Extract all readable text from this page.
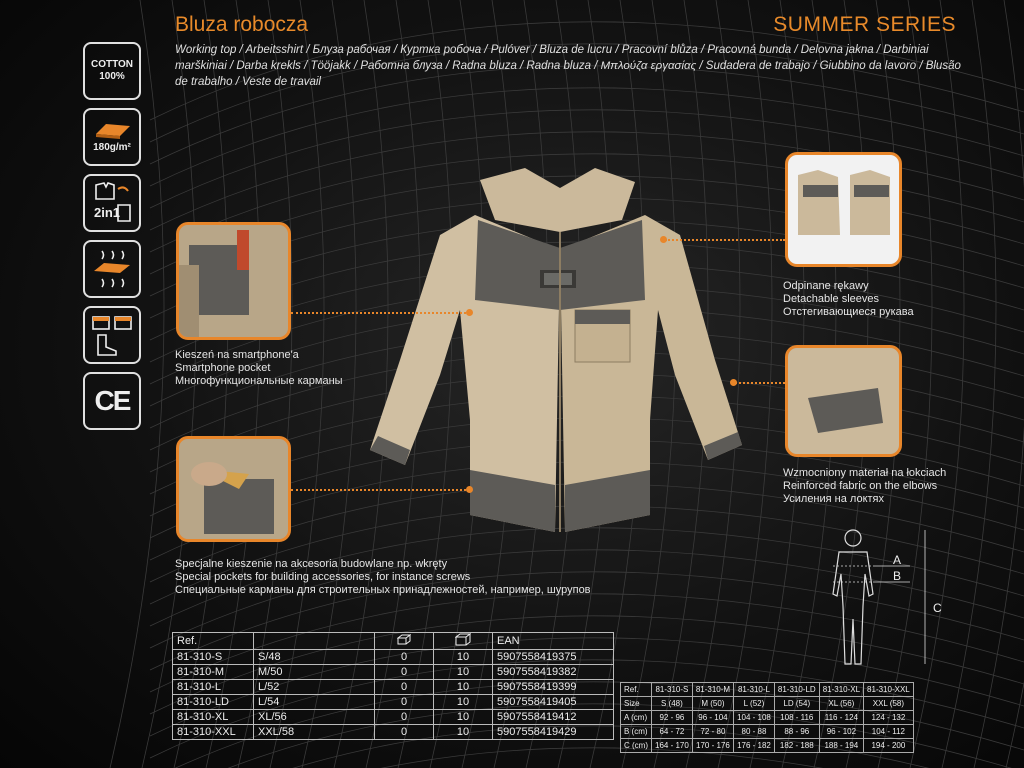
Bluza robocza	SUMMER SERIES
Working top / Arbeitsshirt / Блуза рабочая / Куртка робоча / Pulóver / Bluza de lucru / Pracovní blůza / Pracovná bunda / Delovna jakna / Darbiniai marškiniai / Darba krekls / Tööjakk / Работна блуза / Radna bluza / Radna bluza / Μπλούζα εργασίας / Sudadera de trabajo / Giubbino da lavoro / Blusão de trabalho / Veste de travail
COTTON
100%
180g/m²
2in1
CE
Kieszeń na smartphone'a
Smartphone pocket
Многофункциональные карманы
Odpinane rękawy
Detachable sleeves
Отстегивающиеся рукава
Wzmocniony materiał na łokciach
Reinforced fabric on the elbows
Усиления на локтях
Specjalne kieszenie na akcesoria budowlane np. wkręty
Special pockets for building accessories, for instance screws
Специальные карманы для строительных принадлежностей, например, шурупов
A
B
C
Ref.				EAN
81-310-S	S/48	0	10	5907558419375
81-310-M	M/50	0	10	5907558419382
81-310-L	L/52	0	10	5907558419399
81-310-LD	L/54	0	10	5907558419405
81-310-XL	XL/56	0	10	5907558419412
81-310-XXL	XXL/58	0	10	5907558419429
Ref.	81-310-S	81-310-M	81-310-L	81-310-LD	81-310-XL	81-310-XXL
Size	S (48)	M (50)	L (52)	LD (54)	XL (56)	XXL (58)
A (cm)	92 - 96	96 - 104	104 - 108	108 - 116	116 - 124	124 - 132
B (cm)	64 - 72	72 - 80	80 - 88	88 - 96	96 - 102	104 - 112
C (cm)	164 - 170	170 - 176	176 - 182	182 - 188	188 - 194	194 - 200
